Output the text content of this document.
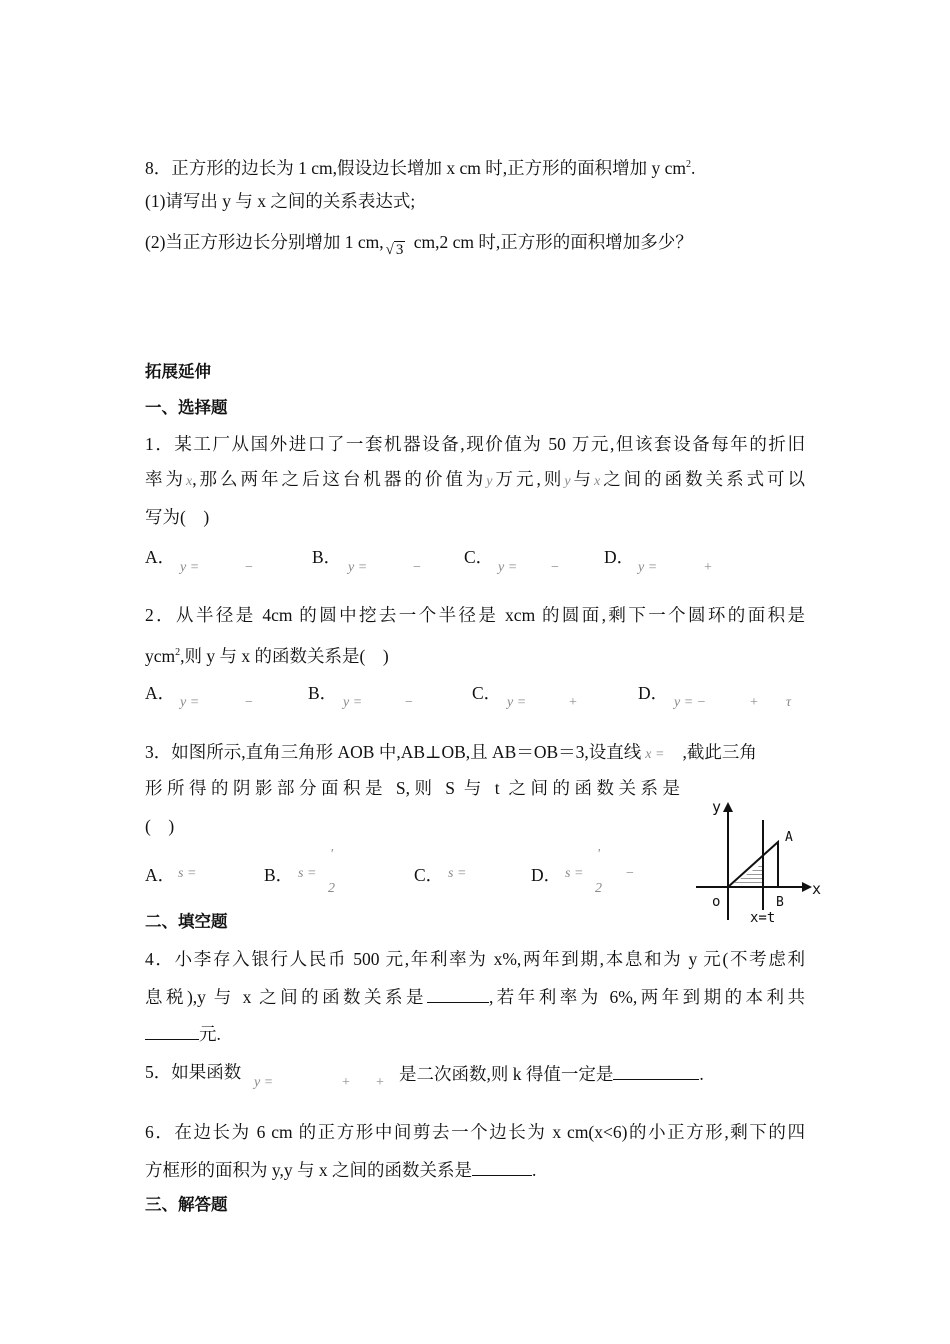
8．正方形的边长为 1 cm,假设边长增加 x cm 时,正方形的面积增加 y $cm^2$.
(1)请写出 y 与 x 之间的关系表达式;
(2)当正方形边长分别增加 1 cm, √ 3 cm,2 cm 时,正方形的面积增加多少？
拓展延伸
一、选择题
1．某工厂从国外进口了一套机器设备,现价值为 50 万元,但该套设备每年的折旧
率为x,那么两年之后这台机器的价值为y万元,则y与x之间的函数关系式可以
写为(　)
A．
y =	−
B．
y =	−
C．
y = −
D．
y =	+
2．从半径是 4cm 的圆中挖去一个半径是 xcm 的圆面,剩下一个圆环的面积是
ycm$^2$,则 y 与 x 的函数关系是(　)
A． y =	−	B． y =	−	C． y =	+	D． y = −	+ τ
3．如图所示,直角三角形 AOB 中,AB⊥OB,且 AB＝OB＝3,设直线 x = ,截此三角
形所得的阴影部分面积是 S,则 S 与 t 之间的函数关系是
(　)
A． s =	B． s =
'
2
C． s =	D． s =
'
2
−
y
x
o
A
B
x=t
二、填空题
4．小李存入银行人民币 500 元,年利率为 x%,两年到期,本息和为 y 元(不考虑利
息税),y 与 x 之间的函数关系是	,若年利率为 6%,两年到期的本利共
元.
5．如果函数
y =	+ + 是二次函数,则 k 得值一定是	.
6．在边长为 6 cm 的正方形中间剪去一个边长为 x cm(x<6)的小正方形,剩下的四
方框形的面积为 y,y 与 x 之间的函数关系是	.
三、解答题
